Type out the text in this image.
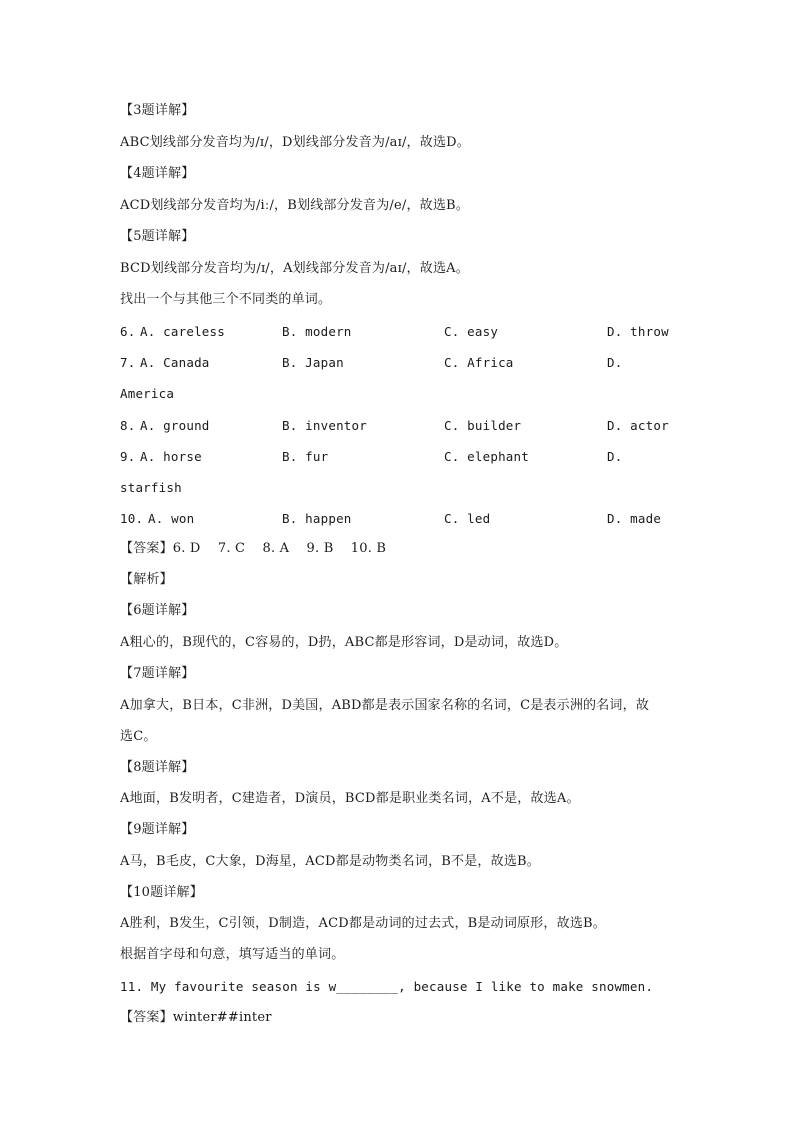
【3题详解】
ABC划线部分发音均为/ɪ/，D划线部分发音为/aɪ/，故选D。
【4题详解】
ACD划线部分发音均为/iː/，B划线部分发音为/e/，故选B。
【5题详解】
BCD划线部分发音均为/ɪ/，A划线部分发音为/aɪ/，故选A。
找出一个与其他三个不同类的单词。
6. A. careless	B. modern	C. easy	D. throw
7. A. Canada	B. Japan	C. Africa	D.
America
8. A. ground	B. inventor	C. builder	D. actor
9. A. horse	B. fur	C. elephant	D.
starfish
10. A. won	B. happen	C. led	D. made
【答案】6. D    7. C    8. A    9. B    10. B
【解析】
【6题详解】
A粗心的，B现代的，C容易的，D扔，ABC都是形容词，D是动词，故选D。
【7题详解】
A加拿大，B日本，C非洲，D美国，ABD都是表示国家名称的名词，C是表示洲的名词，故
选C。
【8题详解】
A地面，B发明者，C建造者，D演员，BCD都是职业类名词，A不是，故选A。
【9题详解】
A马，B毛皮，C大象，D海星，ACD都是动物类名词，B不是，故选B。
【10题详解】
A胜利，B发生，C引领，D制造，ACD都是动词的过去式，B是动词原形，故选B。
根据首字母和句意，填写适当的单词。
11. My favourite season is w________, because I like to make snowmen.
【答案】winter##inter
